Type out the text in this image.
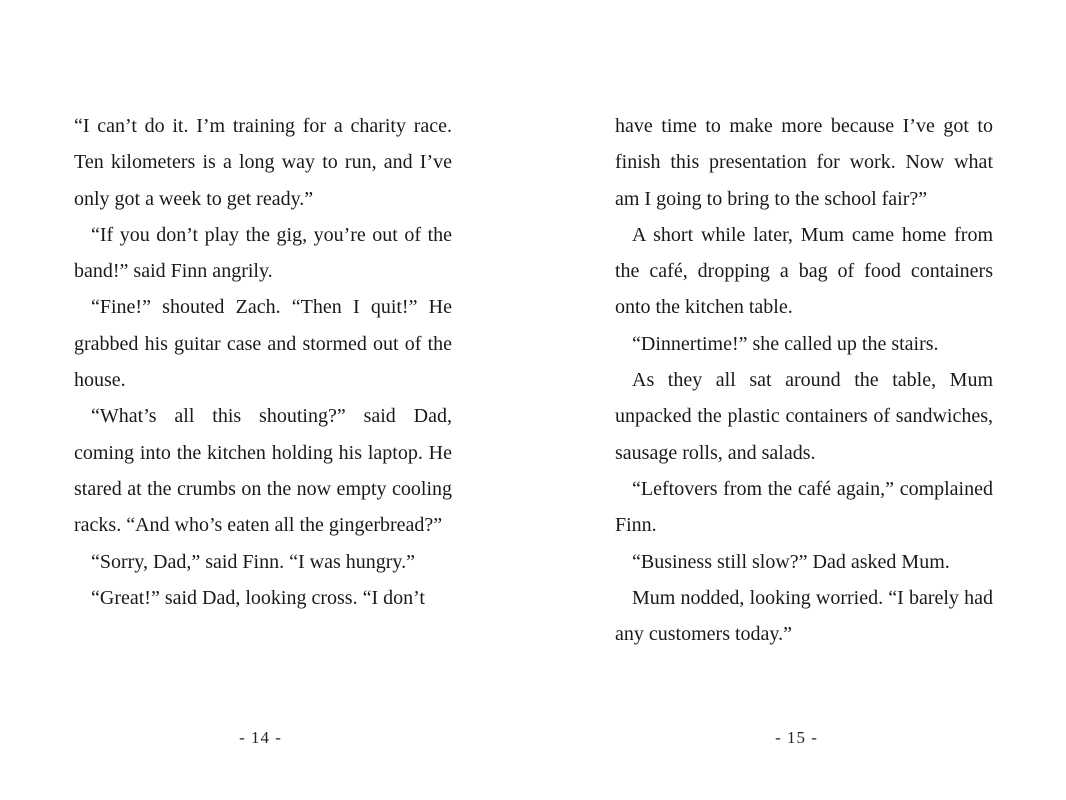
“I can’t do it. I’m training for a charity race. Ten kilometers is a long way to run, and I’ve only got a week to get ready.”

“If you don’t play the gig, you’re out of the band!” said Finn angrily.

“Fine!” shouted Zach. “Then I quit!” He grabbed his guitar case and stormed out of the house.

“What’s all this shouting?” said Dad, coming into the kitchen holding his laptop. He stared at the crumbs on the now empty cooling racks. “And who’s eaten all the gingerbread?”

“Sorry, Dad,” said Finn. “I was hungry.”

“Great!” said Dad, looking cross. “I don’t

- 14 -

have time to make more because I’ve got to finish this presentation for work. Now what am I going to bring to the school fair?”

A short while later, Mum came home from the café, dropping a bag of food containers onto the kitchen table.

“Dinnertime!” she called up the stairs.

As they all sat around the table, Mum unpacked the plastic containers of sandwiches, sausage rolls, and salads.

“Leftovers from the café again,” complained Finn.

“Business still slow?” Dad asked Mum.

Mum nodded, looking worried. “I barely had any customers today.”

- 15 -
